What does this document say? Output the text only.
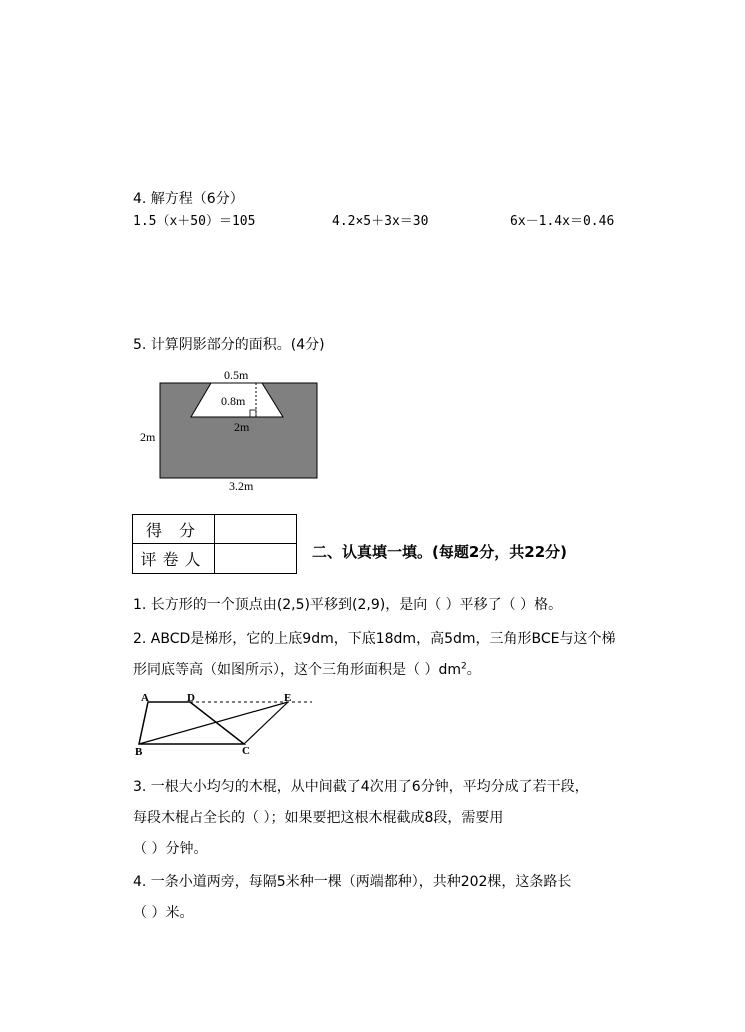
4. 解方程（6分）
1.5（x＋50）＝105	4.2×5＋3x＝30	6x－1.4x＝0.46
5. 计算阴影部分的面积。(4分)
0.5m
0.8m
2m
2m
3.2m
得 分
评卷人	二、认真填一填。(每题2分，共22分)
1. 长方形的一个顶点由(2,5)平移到(2,9)，是向（ ）平移了（ ）格。
2. ABCD是梯形，它的上底9dm，下底18dm，高5dm，三角形BCE与这个梯
形同底等高（如图所示），这个三角形面积是（ ）$dm^2$。
A	D	E
B	C
3. 一根大小均匀的木棍，从中间截了4次用了6分钟，平均分成了若干段，
每段木棍占全长的（ ）；如果要把这根木棍截成8段，需要用
（ ）分钟。
4. 一条小道两旁，每隔5米种一棵（两端都种），共种202棵，这条路长
（ ）米。
